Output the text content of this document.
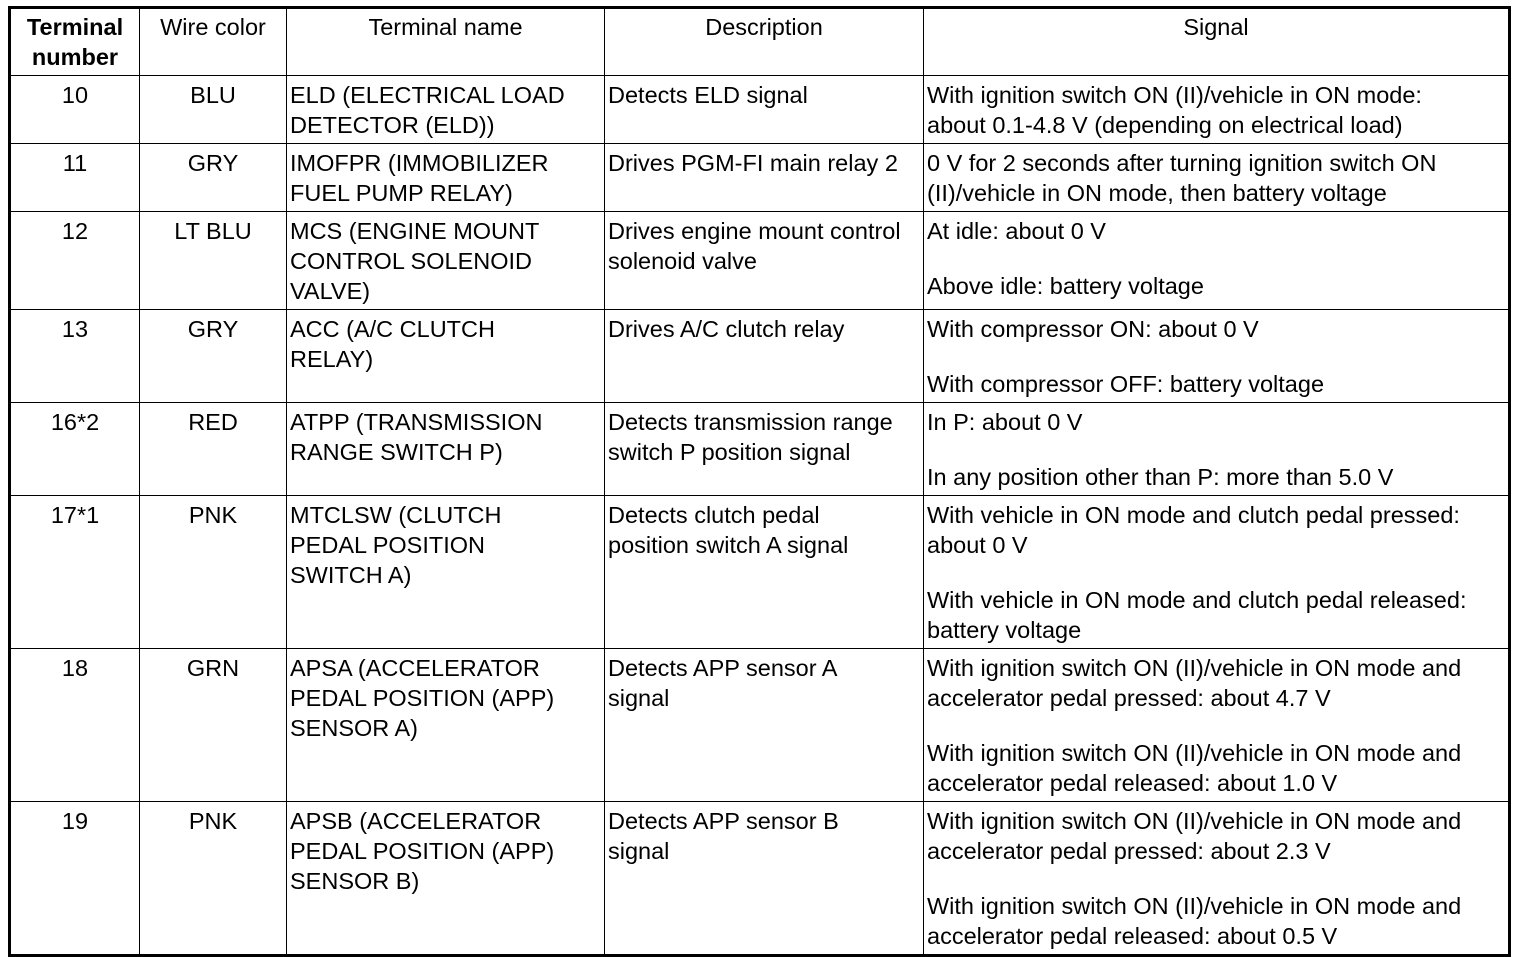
Terminal
number	Wire color	Terminal name	Description	Signal
10	BLU	ELD (ELECTRICAL LOAD
DETECTOR (ELD))	Detects ELD signal	With ignition switch ON (II)/vehicle in ON mode:
about 0.1-4.8 V (depending on electrical load)

11	GRY	IMOFPR (IMMOBILIZER
FUEL PUMP RELAY)	Drives PGM-FI main relay 2	0 V for 2 seconds after turning ignition switch ON
(II)/vehicle in ON mode, then battery voltage

12	LT BLU	MCS (ENGINE MOUNT
CONTROL SOLENOID
VALVE)	Drives engine mount control
solenoid valve	At idle: about 0 V
Above idle: battery voltage

13	GRY	ACC (A/C CLUTCH
RELAY)	Drives A/C clutch relay	With compressor ON: about 0 V
With compressor OFF: battery voltage

16*2	RED	ATPP (TRANSMISSION
RANGE SWITCH P)	Detects transmission range
switch P position signal	In P: about 0 V
In any position other than P: more than 5.0 V

17*1	PNK	MTCLSW (CLUTCH
PEDAL POSITION
SWITCH A)	Detects clutch pedal
position switch A signal	With vehicle in ON mode and clutch pedal pressed:
about 0 V
With vehicle in ON mode and clutch pedal released:
battery voltage

18	GRN	APSA (ACCELERATOR
PEDAL POSITION (APP)
SENSOR A)	Detects APP sensor A
signal	With ignition switch ON (II)/vehicle in ON mode and
accelerator pedal pressed: about 4.7 V
With ignition switch ON (II)/vehicle in ON mode and
accelerator pedal released: about 1.0 V

19	PNK	APSB (ACCELERATOR
PEDAL POSITION (APP)
SENSOR B)	Detects APP sensor B
signal	With ignition switch ON (II)/vehicle in ON mode and
accelerator pedal pressed: about 2.3 V
With ignition switch ON (II)/vehicle in ON mode and
accelerator pedal released: about 0.5 V
